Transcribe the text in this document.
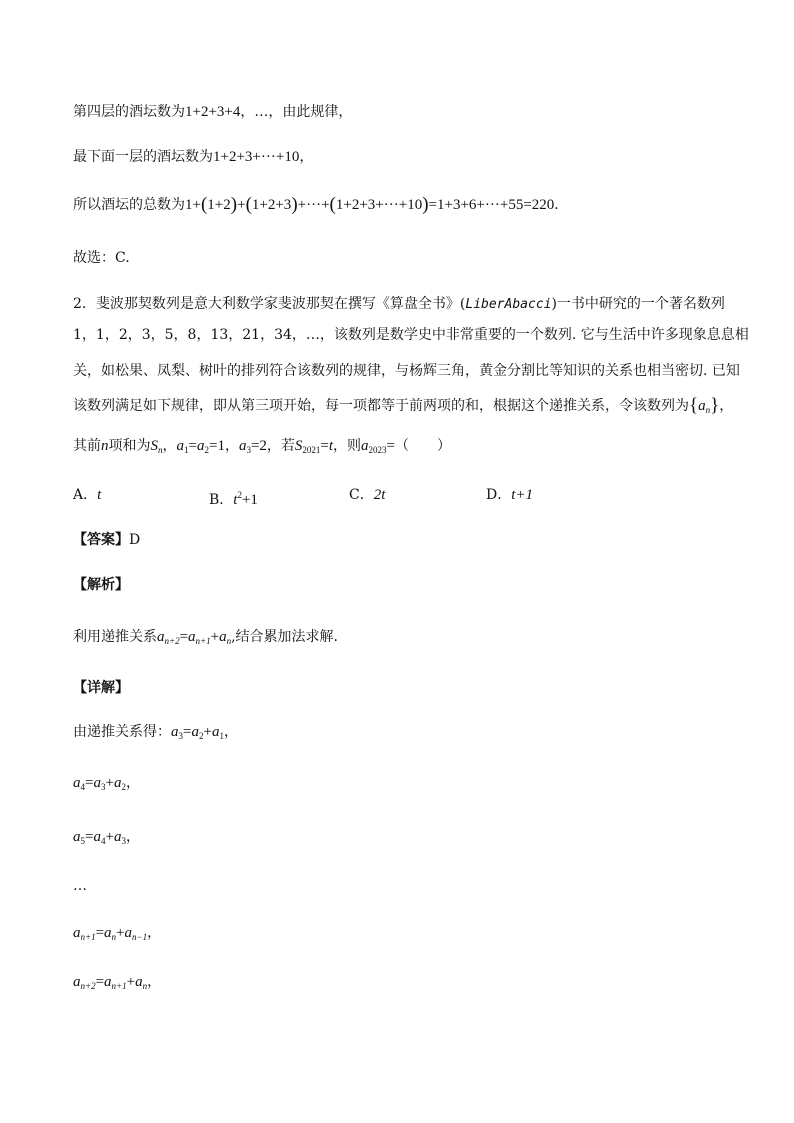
第四层的酒坛数为1+2+3+4，…，由此规律，
最下面一层的酒坛数为1+2+3+···+10，
所以酒坛的总数为1+(1+2)+(1+2+3)+···+(1+2+3+···+10)=1+3+6+···+55=220．
故选：C.
2．斐波那契数列是意大利数学家斐波那契在撰写《算盘全书》(LiberAbacci)一书中研究的一个著名数列
1，1，2，3，5，8，13，21，34，…，该数列是数学史中非常重要的一个数列. 它与生活中许多现象息息相
关，如松果、凤梨、树叶的排列符合该数列的规律，与杨辉三角，黄金分割比等知识的关系也相当密切. 已知
该数列满足如下规律，即从第三项开始，每一项都等于前两项的和，根据这个递推关系，令该数列为$\{a_n\}$，
其前n项和为$S_n$，$a_1=a_2=1$，$a_3=2$，若$S_{2021}=t$，则$a_{2023}=$（　　）
A．t	B．$t^2+1$	C．2t	D．t+1
【答案】D
【解析】
利用递推关系$a_{n+2}=a_{n+1}+a_n$,结合累加法求解.
【详解】
由递推关系得：$a_3=a_2+a_1$，
$a_4=a_3+a_2$，
$a_5=a_4+a_3$，
…
$a_{n+1}=a_n+a_{n-1}$，
$a_{n+2}=a_{n+1}+a_n$，
